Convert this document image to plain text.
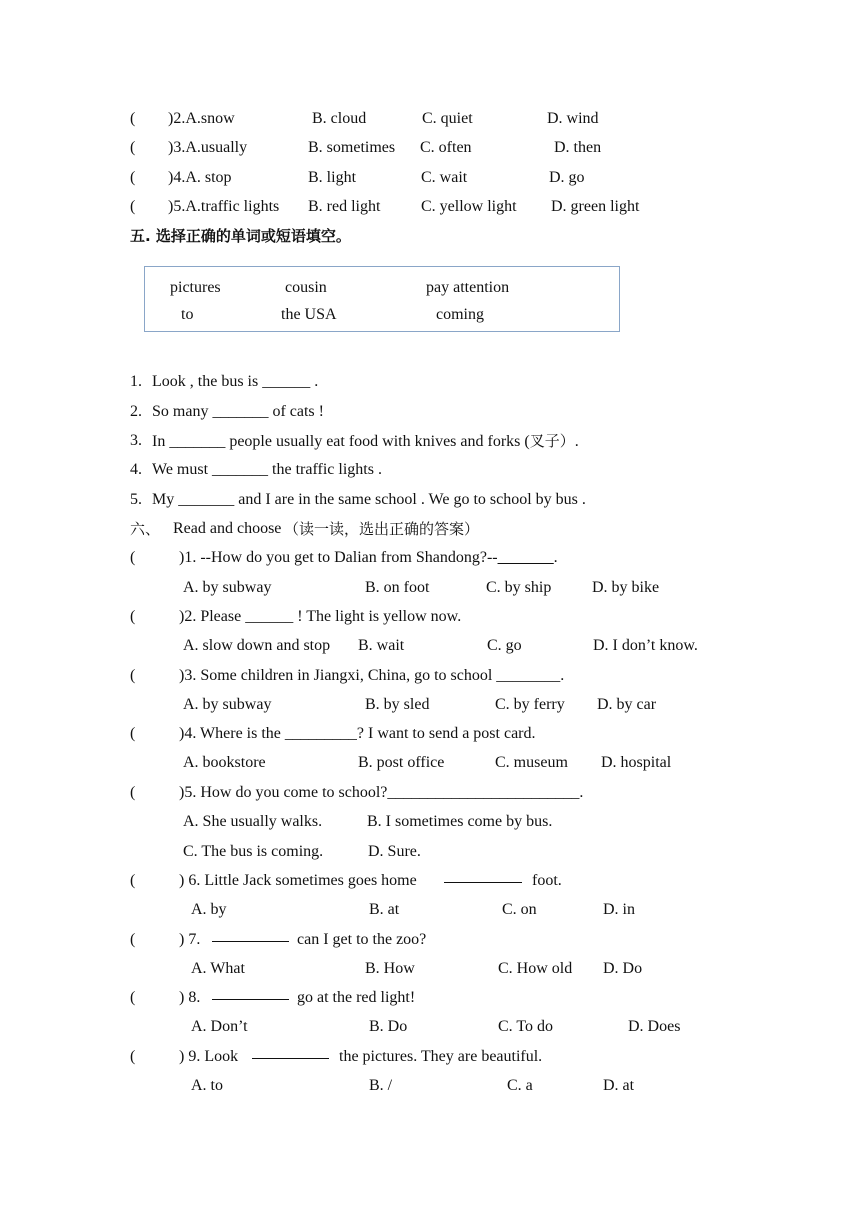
( )2.A.snow	B. cloud	C. quiet	D. wind
( )3.A.usually	B. sometimes C. often	D. then
( )4.A. stop	B. light	C. wait	D. go
( )5.A.traffic lights B. red light	C. yellow light D. green light
五. 选择正确的单词或短语填空。
pictures	cousin	pay attention
to	the USA	coming
1. Look , the bus is ______ .
2. So many _______ of cats !
3. In _______ people usually eat food with knives and forks (叉子）.
4. We must _______ the traffic lights .
5. My _______ and I are in the same school . We go to school by bus .
六、 Read and choose （读一读，选出正确的答案）
(	)1. --How do you get to Dalian from Shandong?--_______.
A. by subway	B. on foot	C. by ship	D. by bike
(	)2. Please ______ ! The light is yellow now.
A. slow down and stop B. wait	C. go	D. I don’t know.
(	)3. Some children in Jiangxi, China, go to school ________.
A. by subway	B. by sled	C. by ferry D. by car
(	)4. Where is the _________? I want to send a post card.
A. bookstore	B. post office	C. museum D. hospital
(	)5. How do you come to school?________________________.
A. She usually walks.	B. I sometimes come by bus.
C. The bus is coming.	D. Sure.
(	) 6. Little Jack sometimes goes home	foot.
A. by	B. at	C. on	D. in
(	) 7.	can I get to the zoo?
A. What	B. How	C. How old D. Do
(	) 8.	go at the red light!
A. Don’t	B. Do	C. To do	D. Does
(	) 9. Look	the pictures. They are beautiful.
A. to	B. /	C. a	D. at
